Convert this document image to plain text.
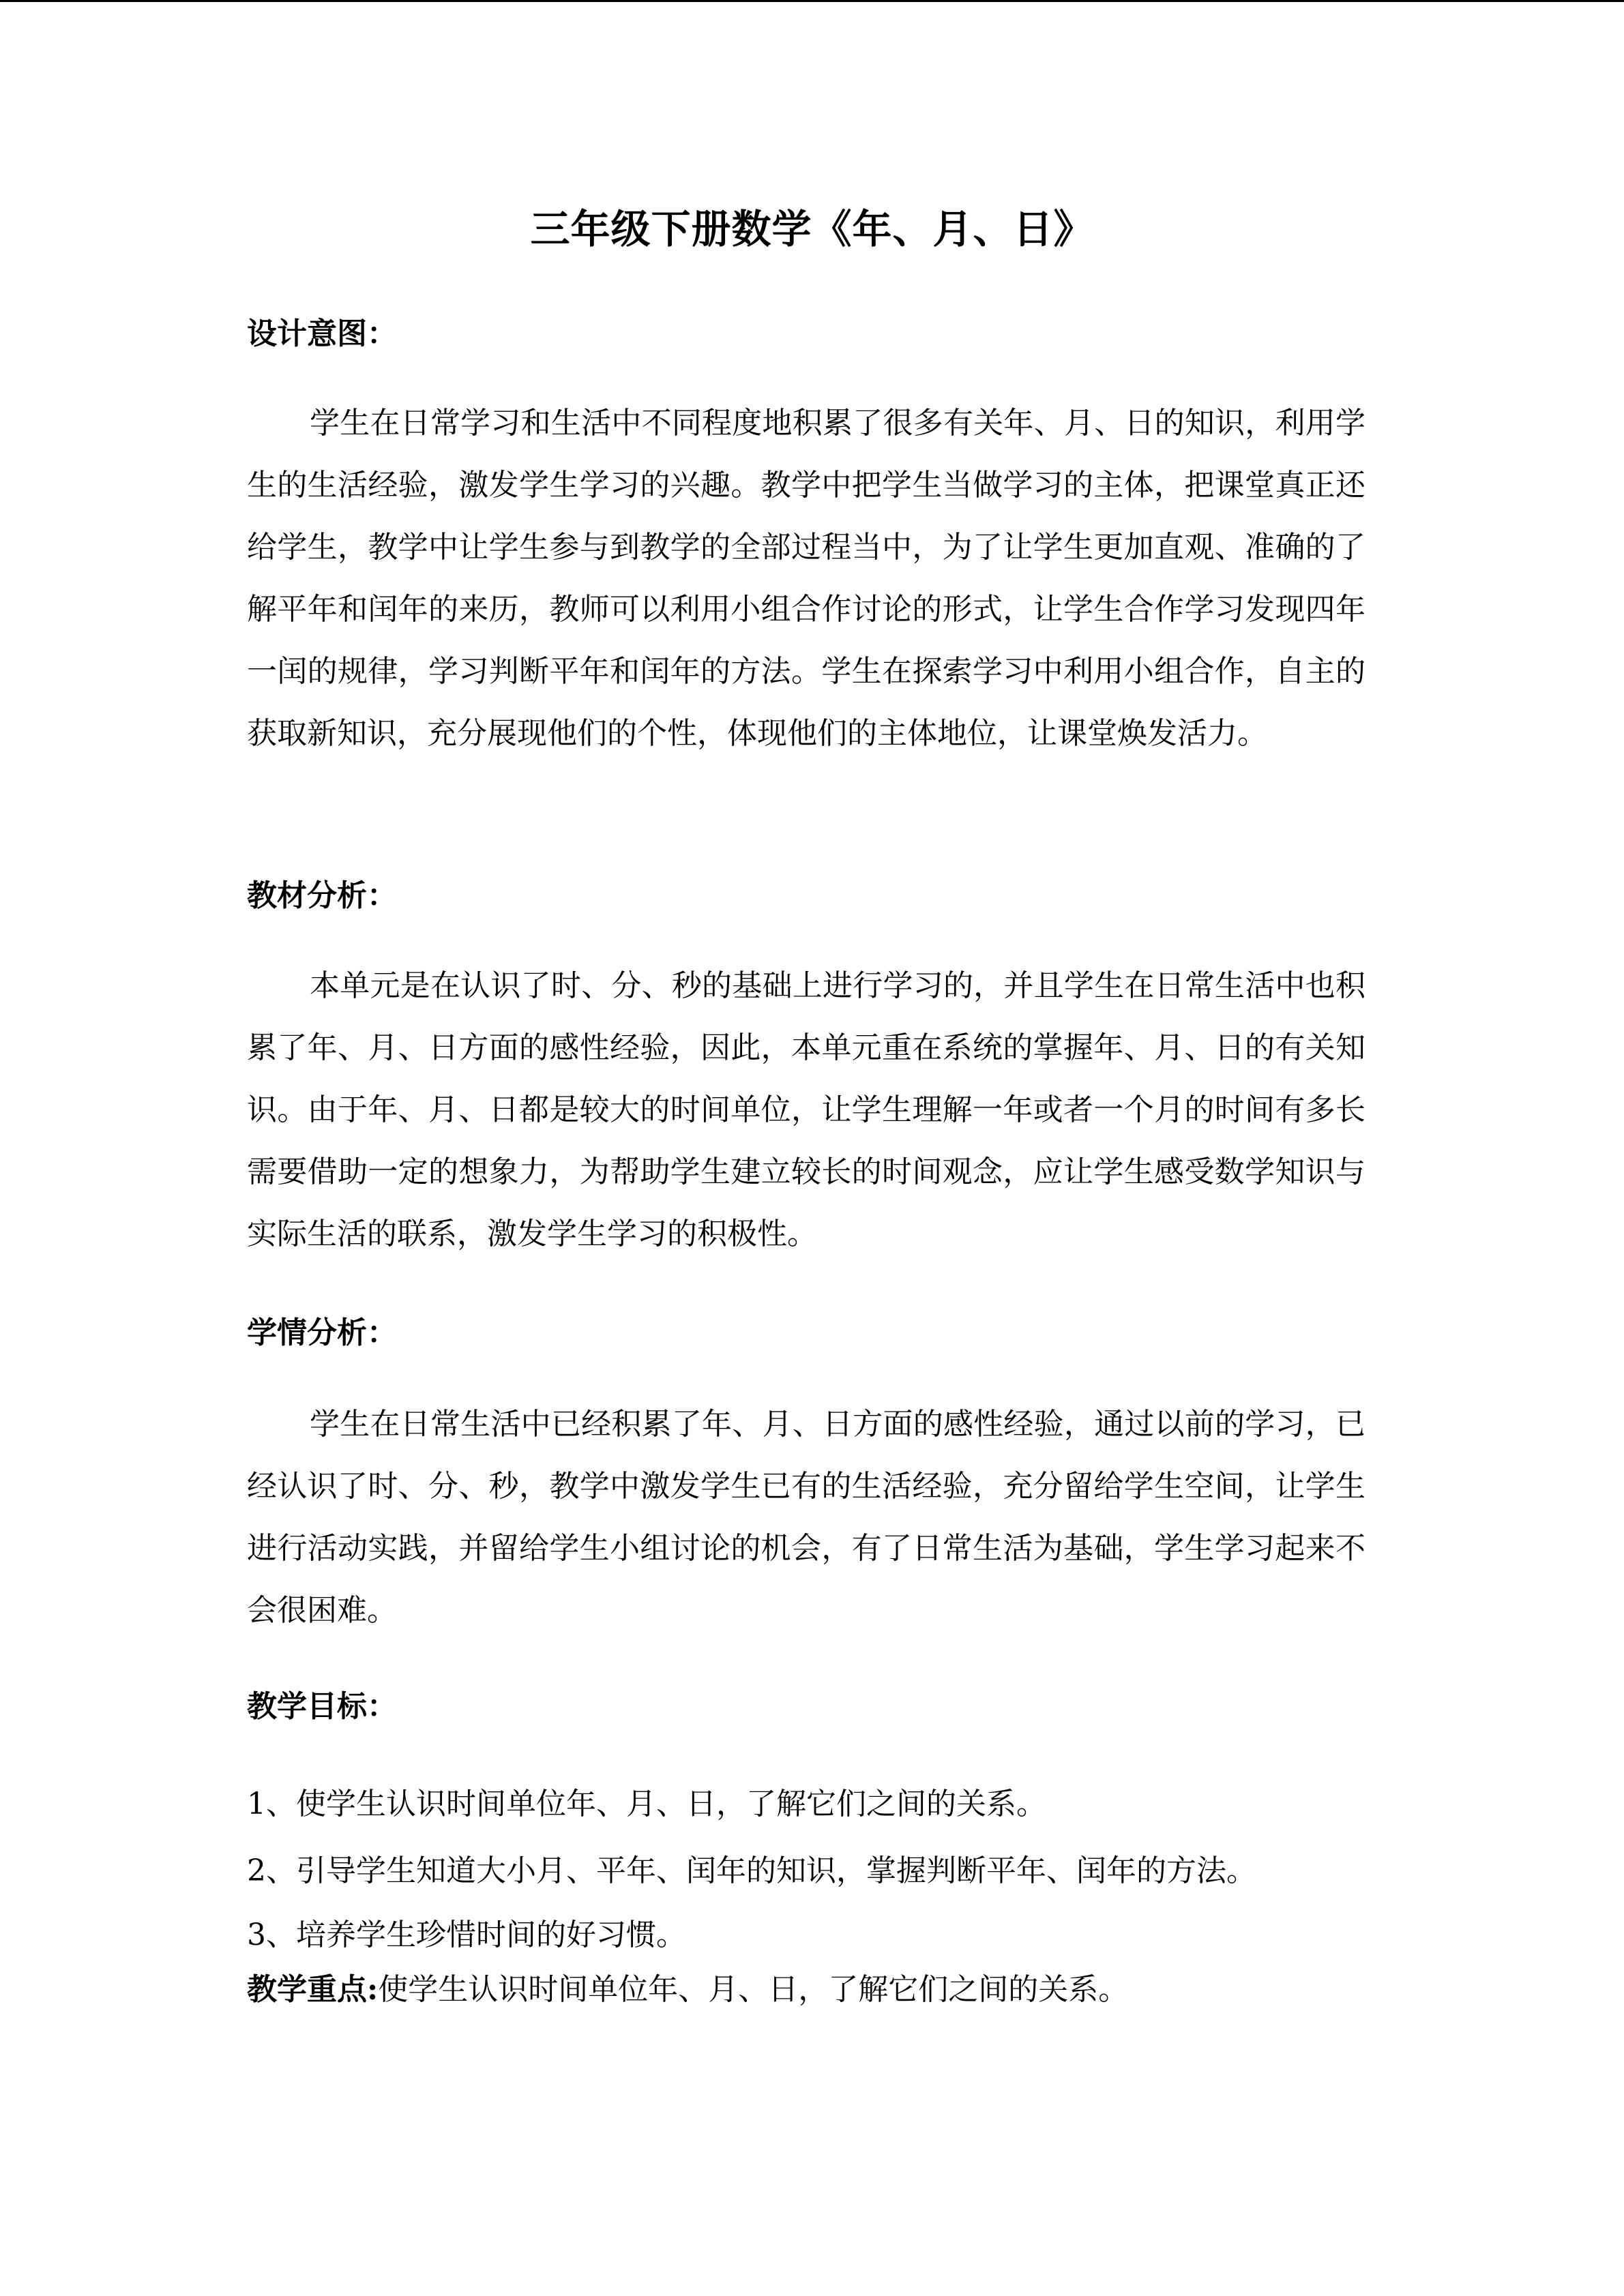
三年级下册数学《年、月、日》
设计意图：

学生在日常学习和生活中不同程度地积累了很多有关年、月、日的知识，利用学生的生活经验，激发学生学习的兴趣。教学中把学生当做学习的主体，把课堂真正还给学生，教学中让学生参与到教学的全部过程当中，为了让学生更加直观、准确的了解平年和闰年的来历，教师可以利用小组合作讨论的形式，让学生合作学习发现四年一闰的规律，学习判断平年和闰年的方法。学生在探索学习中利用小组合作，自主的获取新知识，充分展现他们的个性，体现他们的主体地位，让课堂焕发活力。

教材分析：

本单元是在认识了时、分、秒的基础上进行学习的，并且学生在日常生活中也积累了年、月、日方面的感性经验，因此，本单元重在系统的掌握年、月、日的有关知识。由于年、月、日都是较大的时间单位，让学生理解一年或者一个月的时间有多长需要借助一定的想象力，为帮助学生建立较长的时间观念，应让学生感受数学知识与实际生活的联系，激发学生学习的积极性。

学情分析：

学生在日常生活中已经积累了年、月、日方面的感性经验，通过以前的学习，已经认识了时、分、秒，教学中激发学生已有的生活经验，充分留给学生空间，让学生进行活动实践，并留给学生小组讨论的机会，有了日常生活为基础，学生学习起来不会很困难。

教学目标：

1、使学生认识时间单位年、月、日，了解它们之间的关系。

2、引导学生知道大小月、平年、闰年的知识，掌握判断平年、闰年的方法。

3、培养学生珍惜时间的好习惯。

教学重点:使学生认识时间单位年、月、日，了解它们之间的关系。
